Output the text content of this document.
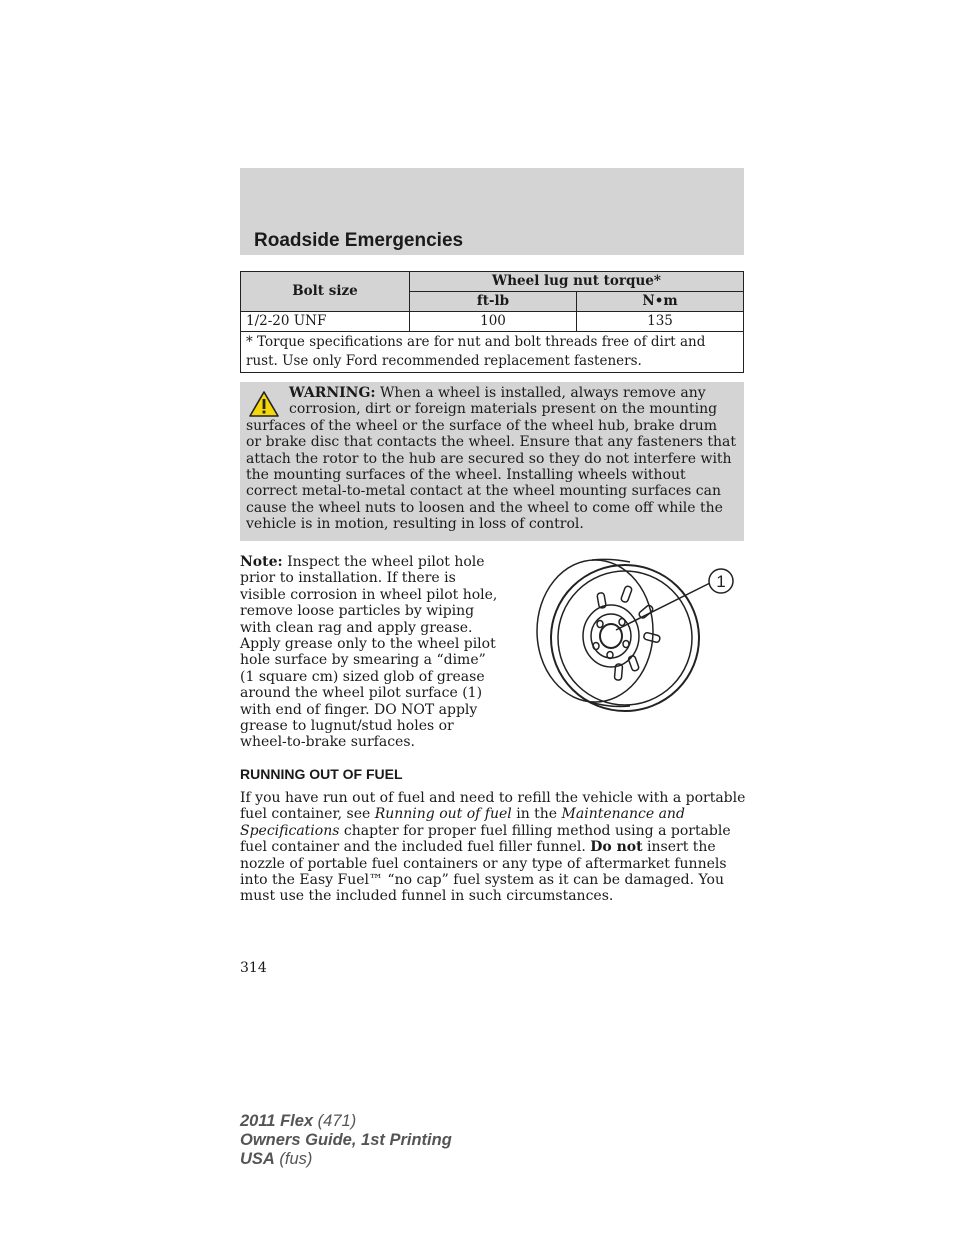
Roadside Emergencies
Bolt size	Wheel lug nut torque*	
	ft-lb	N•m
1/2-20 UNF	100	135
* Torque specifications are for nut and bolt threads free of dirt and rust. Use only Ford recommended replacement fasteners.		

WARNING: When a wheel is installed, always remove any
corrosion, dirt or foreign materials present on the mounting
surfaces of the wheel or the surface of the wheel hub, brake drum or brake disc that contacts the wheel. Ensure that any fasteners that attach the rotor to the hub are secured so they do not interfere with the mounting surfaces of the wheel. Installing wheels without correct metal-to-metal contact at the wheel mounting surfaces can cause the wheel nuts to loosen and the wheel to come off while the vehicle is in motion, resulting in loss of control.

Note: Inspect the wheel pilot hole prior to installation. If there is visible corrosion in wheel pilot hole, remove loose particles by wiping with clean rag and apply grease. Apply grease only to the wheel pilot hole surface by smearing a “dime” (1 square cm) sized glob of grease around the wheel pilot surface (1) with end of finger. DO NOT apply grease to lugnut/stud holes or wheel-to-brake surfaces.

1
RUNNING OUT OF FUEL

If you have run out of fuel and need to refill the vehicle with a portable fuel container, see Running out of fuel in the Maintenance and Specifications chapter for proper fuel filling method using a portable fuel container and the included fuel filler funnel. Do not insert the nozzle of portable fuel containers or any type of aftermarket funnels into the Easy Fuel™ “no cap” fuel system as it can be damaged. You must use the included funnel in such circumstances.

314
2011 Flex (471)
Owners Guide, 1st Printing
USA (fus)
